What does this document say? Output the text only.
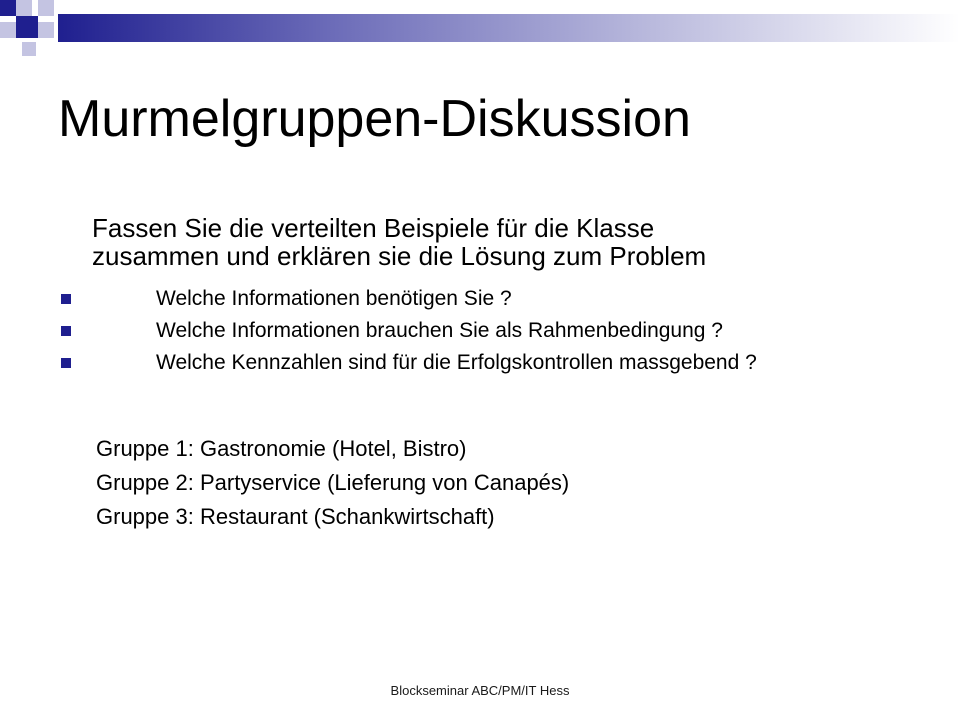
Murmelgruppen-Diskussion
Fassen Sie die verteilten Beispiele für die Klasse
zusammen und erklären sie die Lösung zum Problem
Welche Informationen benötigen Sie ?
Welche Informationen brauchen Sie als Rahmenbedingung ?
Welche Kennzahlen sind für die Erfolgskontrollen massgebend ?
Gruppe 1: Gastronomie (Hotel, Bistro)
Gruppe 2: Partyservice (Lieferung von Canapés)
Gruppe 3: Restaurant (Schankwirtschaft)
Blockseminar ABC/PM/IT Hess
